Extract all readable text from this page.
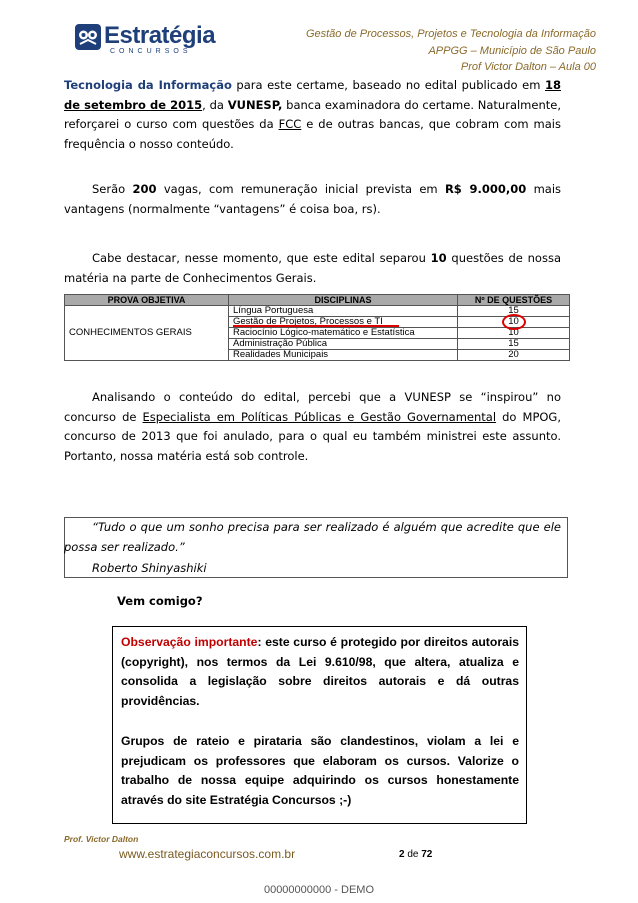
Estratégia
CONCURSOS
Gestão de Processos, Projetos e Tecnologia da Informação
APPGG – Município de São Paulo
Prof Victor Dalton – Aula 00

Tecnologia da Informação para este certame, baseado no edital publicado em 18 de setembro de 2015, da VUNESP, banca examinadora do certame. Naturalmente, reforçarei o curso com questões da FCC e de outras bancas, que cobram com mais frequência o nosso conteúdo.

Serão 200 vagas, com remuneração inicial prevista em R$ 9.000,00 mais vantagens (normalmente “vantagens” é coisa boa, rs).

Cabe destacar, nesse momento, que este edital separou 10 questões de nossa matéria na parte de Conhecimentos Gerais.

PROVA OBJETIVA	DISCIPLINAS	Nº DE QUESTÕES
CONHECIMENTOS GERAIS	Língua Portuguesa	15
	Gestão de Projetos, Processos e TI	10

	Raciocínio Lógico-matemático e Estatística	10
	Administração Pública	15
	Realidades Municipais	20

Analisando o conteúdo do edital, percebi que a VUNESP se “inspirou” no concurso de Especialista em Políticas Públicas e Gestão Governamental do MPOG, concurso de 2013 que foi anulado, para o qual eu também ministrei este assunto. Portanto, nossa matéria está sob controle.

“Tudo o que um sonho precisa para ser realizado é alguém que acredite que ele possa ser realizado.”

Roberto Shinyashiki

Vem comigo?

Observação importante: este curso é protegido por direitos autorais (copyright), nos termos da Lei 9.610/98, que altera, atualiza e consolida a legislação sobre direitos autorais e dá outras providências.

Grupos de rateio e pirataria são clandestinos, violam a lei e prejudicam os professores que elaboram os cursos. Valorize o trabalho de nossa equipe adquirindo os cursos honestamente através do site Estratégia Concursos ;-)

Prof. Victor Dalton
www.estrategiaconcursos.com.br	2 de 72
00000000000 - DEMO
